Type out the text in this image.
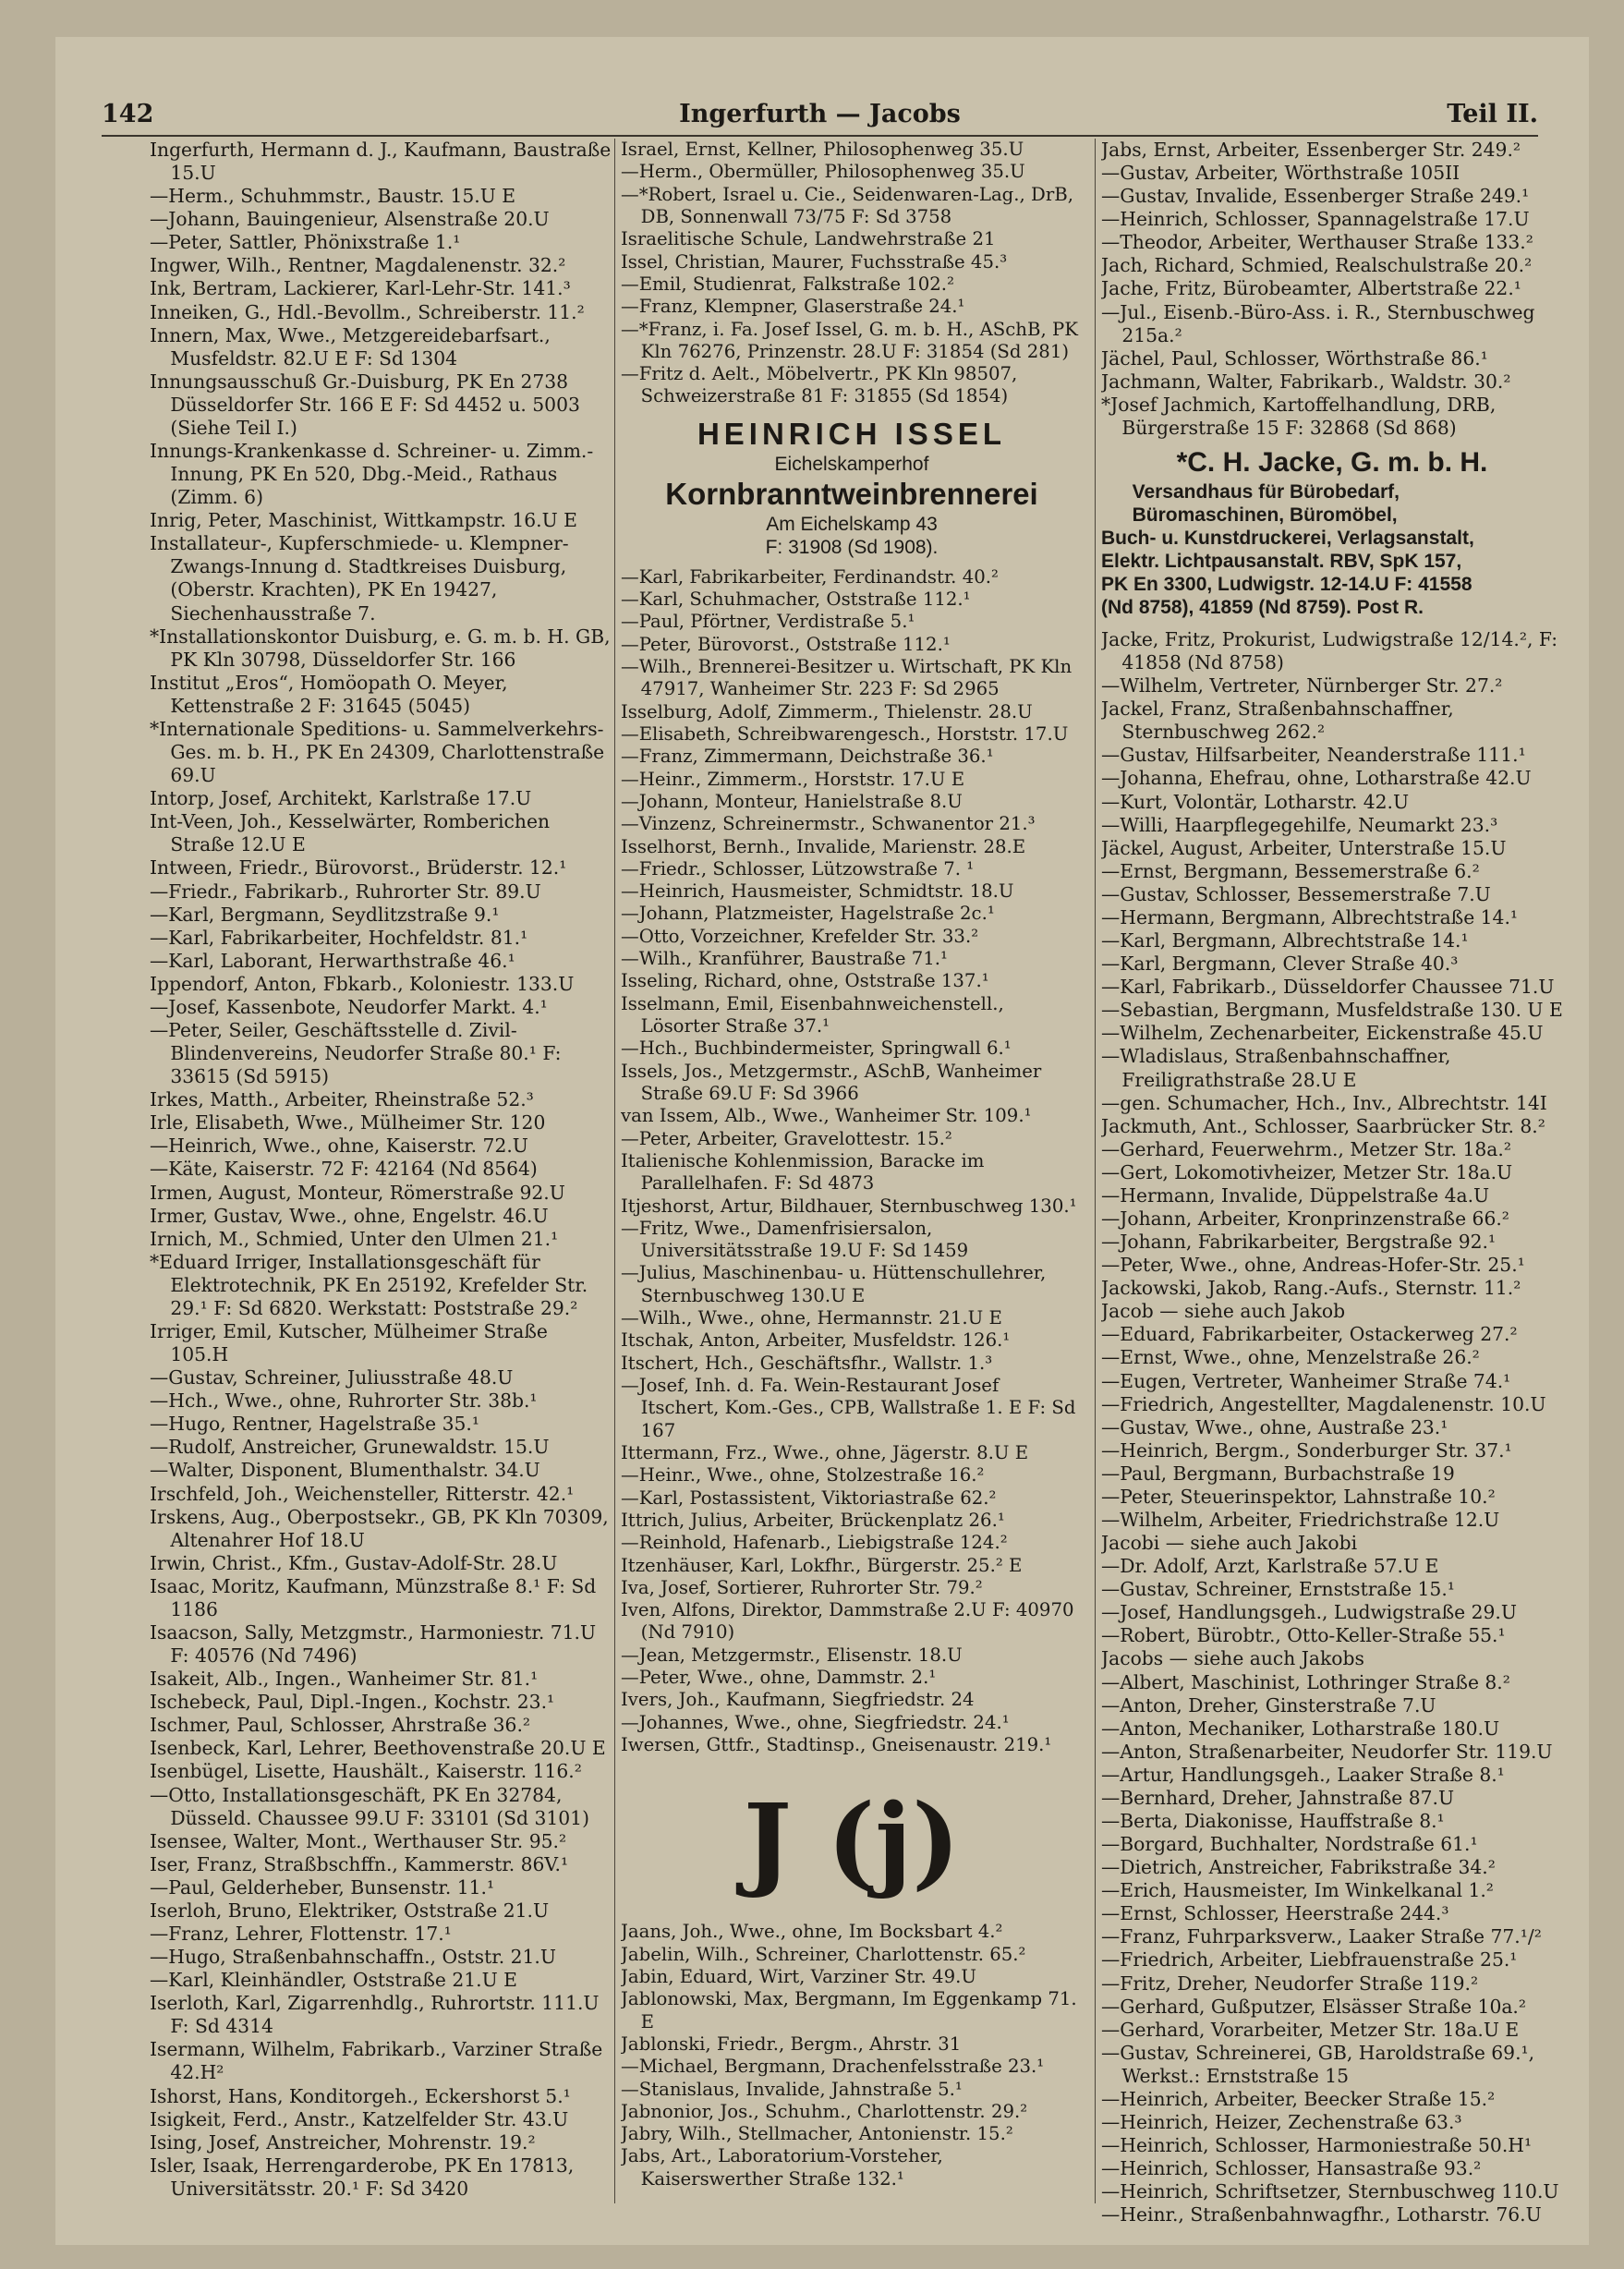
142	Ingerfurth — Jacobs	Teil II.

Ingerfurth, Hermann d. J., Kaufmann, Baustraße 15.U

—Herm., Schuhmmstr., Baustr. 15.U E

—Johann, Bauingenieur, Alsenstraße 20.U

—Peter, Sattler, Phönixstraße 1.¹

Ingwer, Wilh., Rentner, Magdalenenstr. 32.²

Ink, Bertram, Lackierer, Karl-Lehr-Str. 141.³

Inneiken, G., Hdl.-Bevollm., Schreiberstr. 11.²

Innern, Max, Wwe., Metzgereidebarfsart., Musfeldstr. 82.U E F: Sd 1304

Innungsausschuß Gr.-Duisburg, PK En 2738 Düsseldorfer Str. 166 E F: Sd 4452 u. 5003 (Siehe Teil I.)

Innungs-Krankenkasse d. Schreiner- u. Zimm.-Innung, PK En 520, Dbg.-Meid., Rathaus (Zimm. 6)

Inrig, Peter, Maschinist, Wittkampstr. 16.U E

Installateur-, Kupferschmiede- u. Klempner-Zwangs-Innung d. Stadtkreises Duisburg, (Oberstr. Krachten), PK En 19427, Siechenhausstraße 7.

*Installationskontor Duisburg, e. G. m. b. H. GB, PK Kln 30798, Düsseldorfer Str. 166

Institut „Eros“, Homöopath O. Meyer, Kettenstraße 2 F: 31645 (5045)

*Internationale Speditions- u. Sammelverkehrs-Ges. m. b. H., PK En 24309, Charlottenstraße 69.U

Intorp, Josef, Architekt, Karlstraße 17.U

Int-Veen, Joh., Kesselwärter, Romberichen Straße 12.U E

Intween, Friedr., Bürovorst., Brüderstr. 12.¹

—Friedr., Fabrikarb., Ruhrorter Str. 89.U

—Karl, Bergmann, Seydlitzstraße 9.¹

—Karl, Fabrikarbeiter, Hochfeldstr. 81.¹

—Karl, Laborant, Herwarthstraße 46.¹

Ippendorf, Anton, Fbkarb., Koloniestr. 133.U

—Josef, Kassenbote, Neudorfer Markt. 4.¹

—Peter, Seiler, Geschäftsstelle d. Zivil-Blindenvereins, Neudorfer Straße 80.¹ F: 33615 (Sd 5915)

Irkes, Matth., Arbeiter, Rheinstraße 52.³

Irle, Elisabeth, Wwe., Mülheimer Str. 120

—Heinrich, Wwe., ohne, Kaiserstr. 72.U

—Käte, Kaiserstr. 72 F: 42164 (Nd 8564)

Irmen, August, Monteur, Römerstraße 92.U

Irmer, Gustav, Wwe., ohne, Engelstr. 46.U

Irnich, M., Schmied, Unter den Ulmen 21.¹

*Eduard Irriger, Installationsgeschäft für Elektrotechnik, PK En 25192, Krefelder Str. 29.¹ F: Sd 6820. Werkstatt: Poststraße 29.²

Irriger, Emil, Kutscher, Mülheimer Straße 105.H

—Gustav, Schreiner, Juliusstraße 48.U

—Hch., Wwe., ohne, Ruhrorter Str. 38b.¹

—Hugo, Rentner, Hagelstraße 35.¹

—Rudolf, Anstreicher, Grunewaldstr. 15.U

—Walter, Disponent, Blumenthalstr. 34.U

Irschfeld, Joh., Weichensteller, Ritterstr. 42.¹

Irskens, Aug., Oberpostsekr., GB, PK Kln 70309, Altenahrer Hof 18.U

Irwin, Christ., Kfm., Gustav-Adolf-Str. 28.U

Isaac, Moritz, Kaufmann, Münzstraße 8.¹ F: Sd 1186

Isaacson, Sally, Metzgmstr., Harmoniestr. 71.U F: 40576 (Nd 7496)

Isakeit, Alb., Ingen., Wanheimer Str. 81.¹

Ischebeck, Paul, Dipl.-Ingen., Kochstr. 23.¹

Ischmer, Paul, Schlosser, Ahrstraße 36.²

Isenbeck, Karl, Lehrer, Beethovenstraße 20.U E

Isenbügel, Lisette, Haushält., Kaiserstr. 116.²

—Otto, Installationsgeschäft, PK En 32784, Düsseld. Chaussee 99.U F: 33101 (Sd 3101)

Isensee, Walter, Mont., Werthauser Str. 95.²

Iser, Franz, Straßbschffn., Kammerstr. 86V.¹

—Paul, Gelderheber, Bunsenstr. 11.¹

Iserloh, Bruno, Elektriker, Oststraße 21.U

—Franz, Lehrer, Flottenstr. 17.¹

—Hugo, Straßenbahnschaffn., Oststr. 21.U

—Karl, Kleinhändler, Oststraße 21.U E

Iserloth, Karl, Zigarrenhdlg., Ruhrortstr. 111.U F: Sd 4314

Isermann, Wilhelm, Fabrikarb., Varziner Straße 42.H²

Ishorst, Hans, Konditorgeh., Eckershorst 5.¹

Isigkeit, Ferd., Anstr., Katzelfelder Str. 43.U

Ising, Josef, Anstreicher, Mohrenstr. 19.²

Isler, Isaak, Herrengarderobe, PK En 17813, Universitätsstr. 20.¹ F: Sd 3420

Israel, Ernst, Kellner, Philosophenweg 35.U

—Herm., Obermüller, Philosophenweg 35.U

—*Robert, Israel u. Cie., Seidenwaren-Lag., DrB, DB, Sonnenwall 73/75 F: Sd 3758

Israelitische Schule, Landwehrstraße 21

Issel, Christian, Maurer, Fuchsstraße 45.³

—Emil, Studienrat, Falkstraße 102.²

—Franz, Klempner, Glaserstraße 24.¹

—*Franz, i. Fa. Josef Issel, G. m. b. H., ASchB, PK Kln 76276, Prinzenstr. 28.U F: 31854 (Sd 281)

—Fritz d. Aelt., Möbelvertr., PK Kln 98507, Schweizerstraße 81 F: 31855 (Sd 1854)

HEINRICH ISSEL
Eichelskamperhof
Kornbranntweinbrennerei
Am Eichelskamp 43
F: 31908 (Sd 1908).

—Karl, Fabrikarbeiter, Ferdinandstr. 40.²

—Karl, Schuhmacher, Oststraße 112.¹

—Paul, Pförtner, Verdistraße 5.¹

—Peter, Bürovorst., Oststraße 112.¹

—Wilh., Brennerei-Besitzer u. Wirtschaft, PK Kln 47917, Wanheimer Str. 223 F: Sd 2965

Isselburg, Adolf, Zimmerm., Thielenstr. 28.U

—Elisabeth, Schreibwarengesch., Horststr. 17.U

—Franz, Zimmermann, Deichstraße 36.¹

—Heinr., Zimmerm., Horststr. 17.U E

—Johann, Monteur, Hanielstraße 8.U

—Vinzenz, Schreinermstr., Schwanentor 21.³

Isselhorst, Bernh., Invalide, Marienstr. 28.E

—Friedr., Schlosser, Lützowstraße 7. ¹

—Heinrich, Hausmeister, Schmidtstr. 18.U

—Johann, Platzmeister, Hagelstraße 2c.¹

—Otto, Vorzeichner, Krefelder Str. 33.²

—Wilh., Kranführer, Baustraße 71.¹

Isseling, Richard, ohne, Oststraße 137.¹

Isselmann, Emil, Eisenbahnweichenstell., Lösorter Straße 37.¹

—Hch., Buchbindermeister, Springwall 6.¹

Issels, Jos., Metzgermstr., ASchB, Wanheimer Straße 69.U F: Sd 3966

van Issem, Alb., Wwe., Wanheimer Str. 109.¹

—Peter, Arbeiter, Gravelottestr. 15.²

Italienische Kohlenmission, Baracke im Parallelhafen. F: Sd 4873

Itjeshorst, Artur, Bildhauer, Sternbuschweg 130.¹

—Fritz, Wwe., Damenfrisiersalon, Universitätsstraße 19.U F: Sd 1459

—Julius, Maschinenbau- u. Hüttenschullehrer, Sternbuschweg 130.U E

—Wilh., Wwe., ohne, Hermannstr. 21.U E

Itschak, Anton, Arbeiter, Musfeldstr. 126.¹

Itschert, Hch., Geschäftsfhr., Wallstr. 1.³

—Josef, Inh. d. Fa. Wein-Restaurant Josef Itschert, Kom.-Ges., CPB, Wallstraße 1. E F: Sd 167

Ittermann, Frz., Wwe., ohne, Jägerstr. 8.U E

—Heinr., Wwe., ohne, Stolzestraße 16.²

—Karl, Postassistent, Viktoriastraße 62.²

Ittrich, Julius, Arbeiter, Brückenplatz 26.¹

—Reinhold, Hafenarb., Liebigstraße 124.²

Itzenhäuser, Karl, Lokfhr., Bürgerstr. 25.² E

Iva, Josef, Sortierer, Ruhrorter Str. 79.²

Iven, Alfons, Direktor, Dammstraße 2.U F: 40970 (Nd 7910)

—Jean, Metzgermstr., Elisenstr. 18.U

—Peter, Wwe., ohne, Dammstr. 2.¹

Ivers, Joh., Kaufmann, Siegfriedstr. 24

—Johannes, Wwe., ohne, Siegfriedstr. 24.¹

Iwersen, Gttfr., Stadtinsp., Gneisenaustr. 219.¹

J (j)

Jaans, Joh., Wwe., ohne, Im Bocksbart 4.²

Jabelin, Wilh., Schreiner, Charlottenstr. 65.²

Jabin, Eduard, Wirt, Varziner Str. 49.U

Jablonowski, Max, Bergmann, Im Eggenkamp 71. E

Jablonski, Friedr., Bergm., Ahrstr. 31

—Michael, Bergmann, Drachenfelsstraße 23.¹

—Stanislaus, Invalide, Jahnstraße 5.¹

Jabnonior, Jos., Schuhm., Charlottenstr. 29.²

Jabry, Wilh., Stellmacher, Antonienstr. 15.²

Jabs, Art., Laboratorium-Vorsteher, Kaiserswerther Straße 132.¹

Jabs, Ernst, Arbeiter, Essenberger Str. 249.²

—Gustav, Arbeiter, Wörthstraße 105II

—Gustav, Invalide, Essenberger Straße 249.¹

—Heinrich, Schlosser, Spannagelstraße 17.U

—Theodor, Arbeiter, Werthauser Straße 133.²

Jach, Richard, Schmied, Realschulstraße 20.²

Jache, Fritz, Bürobeamter, Albertstraße 22.¹

—Jul., Eisenb.-Büro-Ass. i. R., Sternbuschweg 215a.²

Jächel, Paul, Schlosser, Wörthstraße 86.¹

Jachmann, Walter, Fabrikarb., Waldstr. 30.²

*Josef Jachmich, Kartoffelhandlung, DRB, Bürgerstraße 15 F: 32868 (Sd 868)

*C. H. Jacke, G. m. b. H.
Versandhaus für Bürobedarf,
Büromaschinen, Büromöbel,
Buch- u. Kunstdruckerei, Verlagsanstalt,
Elektr. Lichtpausanstalt. RBV, SpK 157,
PK En 3300, Ludwigstr. 12-14.U F: 41558
(Nd 8758), 41859 (Nd 8759). Post R.

Jacke, Fritz, Prokurist, Ludwigstraße 12/14.², F: 41858 (Nd 8758)

—Wilhelm, Vertreter, Nürnberger Str. 27.²

Jackel, Franz, Straßenbahnschaffner, Sternbuschweg 262.²

—Gustav, Hilfsarbeiter, Neanderstraße 111.¹

—Johanna, Ehefrau, ohne, Lotharstraße 42.U

—Kurt, Volontär, Lotharstr. 42.U

—Willi, Haarpflegegehilfe, Neumarkt 23.³

Jäckel, August, Arbeiter, Unterstraße 15.U

—Ernst, Bergmann, Bessemerstraße 6.²

—Gustav, Schlosser, Bessemerstraße 7.U

—Hermann, Bergmann, Albrechtstraße 14.¹

—Karl, Bergmann, Albrechtstraße 14.¹

—Karl, Bergmann, Clever Straße 40.³

—Karl, Fabrikarb., Düsseldorfer Chaussee 71.U

—Sebastian, Bergmann, Musfeldstraße 130. U E

—Wilhelm, Zechenarbeiter, Eickenstraße 45.U

—Wladislaus, Straßenbahnschaffner, Freiligrathstraße 28.U E

—gen. Schumacher, Hch., Inv., Albrechtstr. 14I

Jackmuth, Ant., Schlosser, Saarbrücker Str. 8.²

—Gerhard, Feuerwehrm., Metzer Str. 18a.²

—Gert, Lokomotivheizer, Metzer Str. 18a.U

—Hermann, Invalide, Düppelstraße 4a.U

—Johann, Arbeiter, Kronprinzenstraße 66.²

—Johann, Fabrikarbeiter, Bergstraße 92.¹

—Peter, Wwe., ohne, Andreas-Hofer-Str. 25.¹

Jackowski, Jakob, Rang.-Aufs., Sternstr. 11.²

Jacob — siehe auch Jakob

—Eduard, Fabrikarbeiter, Ostackerweg 27.²

—Ernst, Wwe., ohne, Menzelstraße 26.²

—Eugen, Vertreter, Wanheimer Straße 74.¹

—Friedrich, Angestellter, Magdalenenstr. 10.U

—Gustav, Wwe., ohne, Austraße 23.¹

—Heinrich, Bergm., Sonderburger Str. 37.¹

—Paul, Bergmann, Burbachstraße 19

—Peter, Steuerinspektor, Lahnstraße 10.²

—Wilhelm, Arbeiter, Friedrichstraße 12.U

Jacobi — siehe auch Jakobi

—Dr. Adolf, Arzt, Karlstraße 57.U E

—Gustav, Schreiner, Ernststraße 15.¹

—Josef, Handlungsgeh., Ludwigstraße 29.U

—Robert, Bürobtr., Otto-Keller-Straße 55.¹

Jacobs — siehe auch Jakobs

—Albert, Maschinist, Lothringer Straße 8.²

—Anton, Dreher, Ginsterstraße 7.U

—Anton, Mechaniker, Lotharstraße 180.U

—Anton, Straßenarbeiter, Neudorfer Str. 119.U

—Artur, Handlungsgeh., Laaker Straße 8.¹

—Bernhard, Dreher, Jahnstraße 87.U

—Berta, Diakonisse, Hauffstraße 8.¹

—Borgard, Buchhalter, Nordstraße 61.¹

—Dietrich, Anstreicher, Fabrikstraße 34.²

—Erich, Hausmeister, Im Winkelkanal 1.²

—Ernst, Schlosser, Heerstraße 244.³

—Franz, Fuhrparksverw., Laaker Straße 77.¹/²

—Friedrich, Arbeiter, Liebfrauenstraße 25.¹

—Fritz, Dreher, Neudorfer Straße 119.²

—Gerhard, Gußputzer, Elsässer Straße 10a.²

—Gerhard, Vorarbeiter, Metzer Str. 18a.U E

—Gustav, Schreinerei, GB, Haroldstraße 69.¹, Werkst.: Ernststraße 15

—Heinrich, Arbeiter, Beecker Straße 15.²

—Heinrich, Heizer, Zechenstraße 63.³

—Heinrich, Schlosser, Harmoniestraße 50.H¹

—Heinrich, Schlosser, Hansastraße 93.²

—Heinrich, Schriftsetzer, Sternbuschweg 110.U

—Heinr., Straßenbahnwagfhr., Lotharstr. 76.U
